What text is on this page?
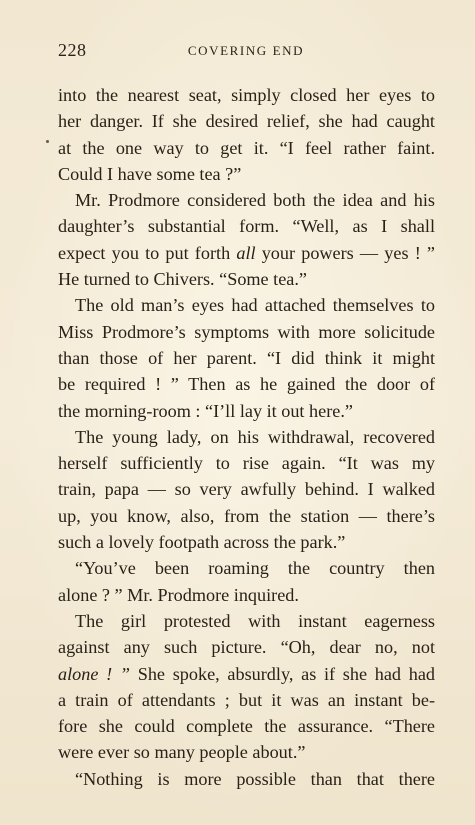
228	COVERING END
into the nearest seat, simply closed her eyes to
her danger. If she desired relief, she had caught
at the one way to get it. “I feel rather faint.
Could I have some tea ?”
Mr. Prodmore considered both the idea and his
daughter’s substantial form. “Well, as I shall
expect you to put forth all your powers — yes ! ”
He turned to Chivers. “Some tea.”
The old man’s eyes had attached themselves to
Miss Prodmore’s symptoms with more solicitude
than those of her parent. “I did think it might
be required ! ” Then as he gained the door of
the morning-room : “I’ll lay it out here.”
The young lady, on his withdrawal, recovered
herself sufficiently to rise again. “It was my
train, papa — so very awfully behind. I walked
up, you know, also, from the station — there’s
such a lovely footpath across the park.”
“You’ve been roaming the country then
alone ? ” Mr. Prodmore inquired.
The girl protested with instant eagerness
against any such picture. “Oh, dear no, not
alone ! ” She spoke, absurdly, as if she had had
a train of attendants ; but it was an instant be-
fore she could complete the assurance. “There
were ever so many people about.”
“Nothing is more possible than that there
